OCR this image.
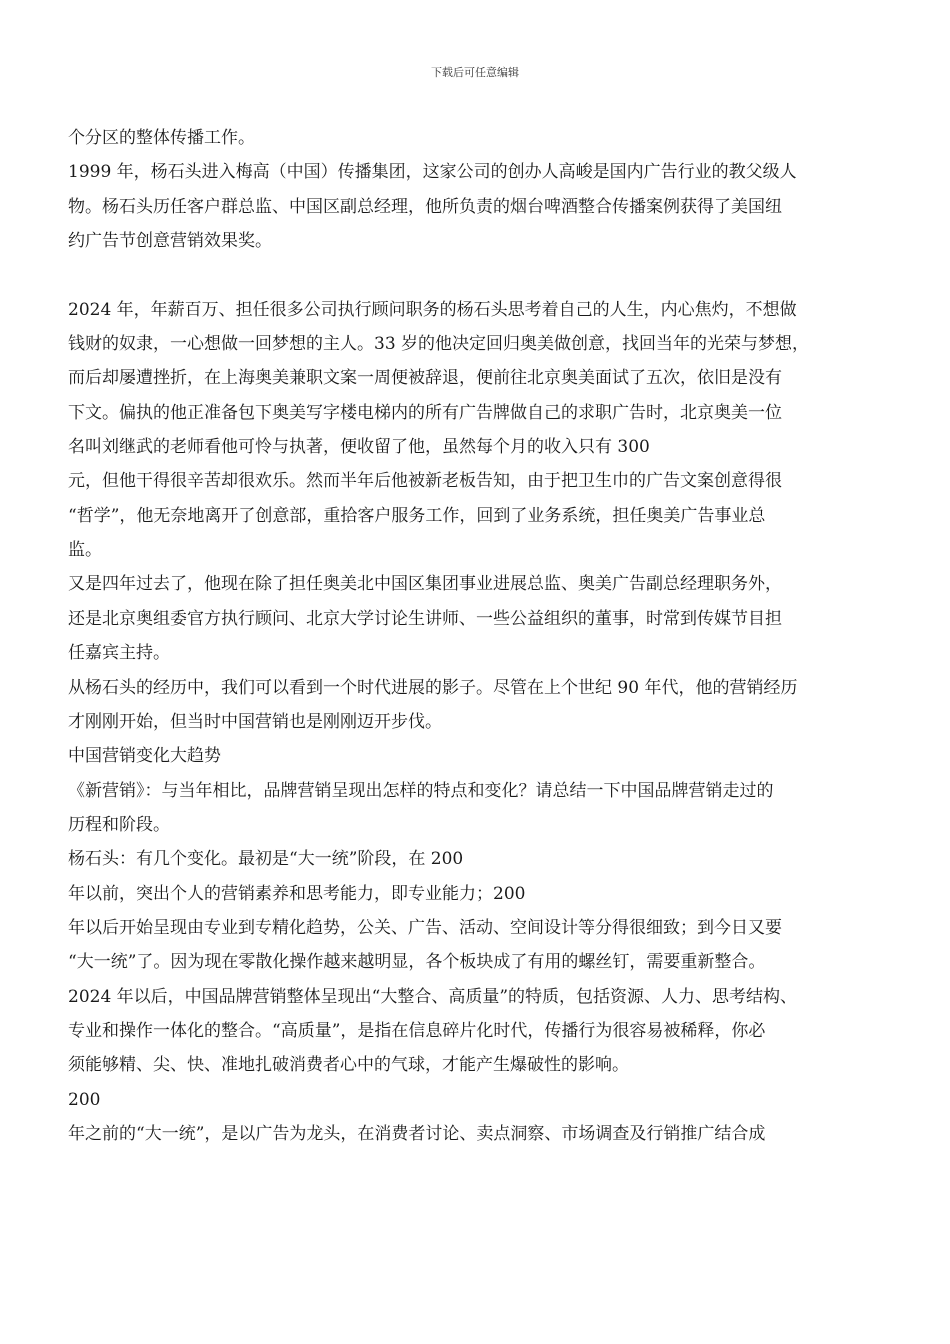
下载后可任意编辑
个分区的整体传播工作。
1999 年，杨石头进入梅高（中国）传播集团，这家公司的创办人高峻是国内广告行业的教父级人
物。杨石头历任客户群总监、中国区副总经理，他所负责的烟台啤酒整合传播案例获得了美国纽
约广告节创意营销效果奖。
2024 年，年薪百万、担任很多公司执行顾问职务的杨石头思考着自己的人生，内心焦灼，不想做
钱财的奴隶，一心想做一回梦想的主人。33 岁的他决定回归奥美做创意，找回当年的光荣与梦想，
而后却屡遭挫折，在上海奥美兼职文案一周便被辞退，便前往北京奥美面试了五次，依旧是没有
下文。偏执的他正准备包下奥美写字楼电梯内的所有广告牌做自己的求职广告时，北京奥美一位
名叫刘继武的老师看他可怜与执著，便收留了他，虽然每个月的收入只有 300
元，但他干得很辛苦却很欢乐。然而半年后他被新老板告知，由于把卫生巾的广告文案创意得很
“哲学”，他无奈地离开了创意部，重拾客户服务工作，回到了业务系统，担任奥美广告事业总
监。
又是四年过去了，他现在除了担任奥美北中国区集团事业进展总监、奥美广告副总经理职务外，
还是北京奥组委官方执行顾问、北京大学讨论生讲师、一些公益组织的董事，时常到传媒节目担
任嘉宾主持。
从杨石头的经历中，我们可以看到一个时代进展的影子。尽管在上个世纪 90 年代，他的营销经历
才刚刚开始，但当时中国营销也是刚刚迈开步伐。
中国营销变化大趋势
《新营销》：与当年相比，品牌营销呈现出怎样的特点和变化？请总结一下中国品牌营销走过的
历程和阶段。
杨石头：有几个变化。最初是“大一统”阶段，在 200
年以前，突出个人的营销素养和思考能力，即专业能力；200
年以后开始呈现由专业到专精化趋势，公关、广告、活动、空间设计等分得很细致；到今日又要
“大一统”了。因为现在零散化操作越来越明显，各个板块成了有用的螺丝钉，需要重新整合。
2024 年以后，中国品牌营销整体呈现出“大整合、高质量”的特质，包括资源、人力、思考结构、
专业和操作一体化的整合。“高质量”，是指在信息碎片化时代，传播行为很容易被稀释，你必
须能够精、尖、快、准地扎破消费者心中的气球，才能产生爆破性的影响。
200
年之前的“大一统”，是以广告为龙头，在消费者讨论、卖点洞察、市场调查及行销推广结合成
